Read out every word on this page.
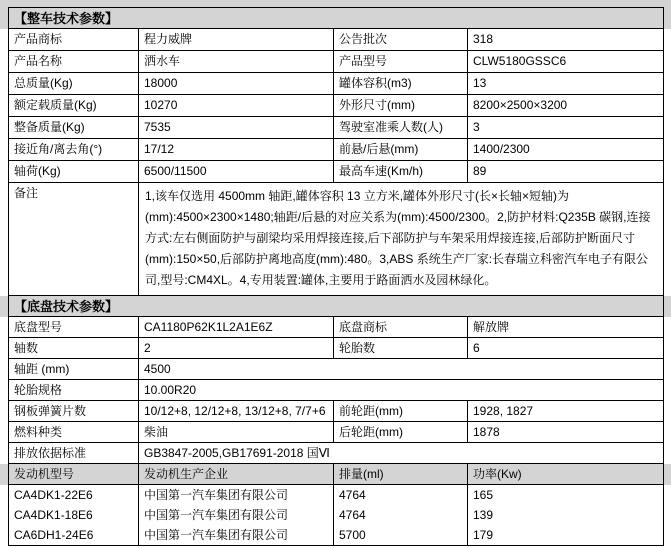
【整车技术参数】			
产品商标	程力威牌	公告批次	318
产品名称	洒水车	产品型号	CLW5180GSSC6
总质量(Kg)	18000	罐体容积(m3)	13
额定载质量(Kg)	10270	外形尺寸(mm)	8200×2500×3200
整备质量(Kg)	7535	驾驶室准乘人数(人)	3
接近角/离去角(°)	17/12	前悬/后悬(mm)	1400/2300
轴荷(Kg)	6500/11500	最高车速(Km/h)	89
备注	1,该车仅选用 4500mm 轴距,罐体容积 13 立方米,罐体外形尺寸(长×长轴×短轴)为(mm):4500×2300×1480;轴距/后悬的对应关系为(mm):4500/2300。2,防护材料:Q235B 碳钢,连接方式:左右侧面防护与副梁均采用焊接连接,后下部防护与车架采用焊接连接,后部防护断面尺寸(mm):150×50,后部防护离地高度(mm):480。3,ABS 系统生产厂家:长春瑞立科密汽车电子有限公司,型号:CM4XL。4,专用装置:罐体,主要用于路面洒水及园林绿化。		
【底盘技术参数】			
底盘型号	CA1180P62K1L2A1E6Z	底盘商标	解放牌
轴数	2	轮胎数	6
轴距 (mm)	4500		
轮胎规格	10.00R20		
钢板弹簧片数	10/12+8, 12/12+8, 13/12+8, 7/7+6	前轮距(mm)	1928, 1827
燃料种类	柴油	后轮距(mm)	1878
排放依据标准	GB3847-2005,GB17691-2018 国Ⅵ		
发动机型号	发动机生产企业	排量(ml)	功率(Kw)
CA4DK1-22E6	中国第一汽车集团有限公司	4764	165
CA4DK1-18E6	中国第一汽车集团有限公司	4764	139
CA6DH1-24E6	中国第一汽车集团有限公司	5700	179
